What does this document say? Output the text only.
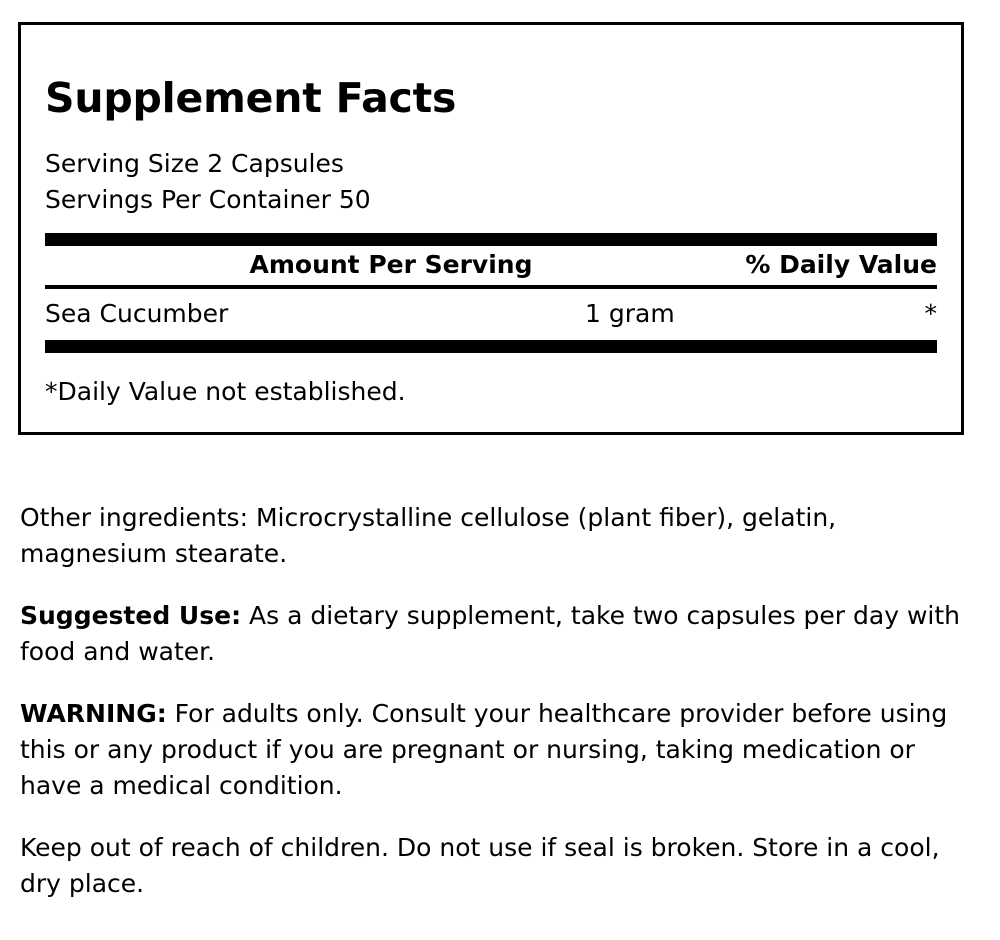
Supplement Facts
Serving Size 2 Capsules
Servings Per Container 50
Amount Per Serving	% Daily Value
Sea Cucumber	1 gram	*
*Daily Value not established.

Other ingredients: Microcrystalline cellulose (plant fiber), gelatin, magnesium stearate.

Suggested Use: As a dietary supplement, take two capsules per day with food and water.

WARNING: For adults only. Consult your healthcare provider before using this or any product if you are pregnant or nursing, taking medication or have a medical condition.

Keep out of reach of children. Do not use if seal is broken. Store in a cool, dry place.
